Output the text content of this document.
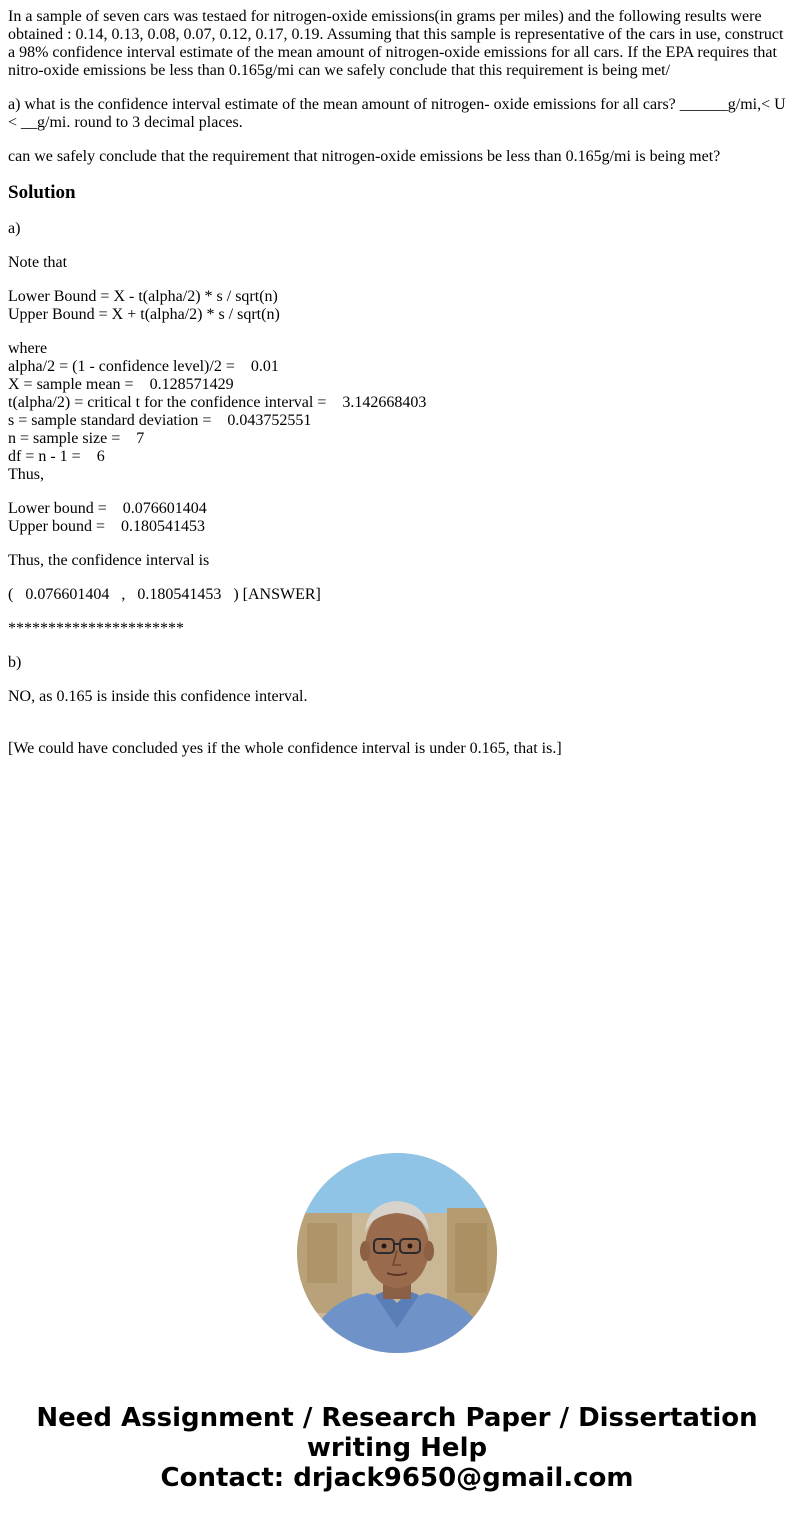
In a sample of seven cars was testaed for nitrogen-oxide emissions(in grams per miles) and the following results were obtained : 0.14, 0.13, 0.08, 0.07, 0.12, 0.17, 0.19. Assuming that this sample is representative of the cars in use, construct a 98% confidence interval estimate of the mean amount of nitrogen-oxide emissions for all cars. If the EPA requires that nitro-oxide emissions be less than 0.165g/mi can we safely conclude that this requirement is being met/

a) what is the confidence interval estimate of the mean amount of nitrogen- oxide emissions for all cars? ______g/mi,< U < __g/mi. round to 3 decimal places.

can we safely conclude that the requirement that nitrogen-oxide emissions be less than 0.165g/mi is being met?

Solution

a)

Note that

Lower Bound = X - t(alpha/2) * s / sqrt(n)
Upper Bound = X + t(alpha/2) * s / sqrt(n)

where
alpha/2 = (1 - confidence level)/2 =    0.01
X = sample mean =    0.128571429
t(alpha/2) = critical t for the confidence interval =    3.142668403
s = sample standard deviation =    0.043752551
n = sample size =    7
df = n - 1 =    6
Thus,

Lower bound =    0.076601404
Upper bound =    0.180541453

Thus, the confidence interval is

(   0.076601404   ,   0.180541453   ) [ANSWER]

**********************

b)

NO, as 0.165 is inside this confidence interval.

[We could have concluded yes if the whole confidence interval is under 0.165, that is.]

Need Assignment / Research Paper / Dissertation
writing Help
Contact: drjack9650@gmail.com
